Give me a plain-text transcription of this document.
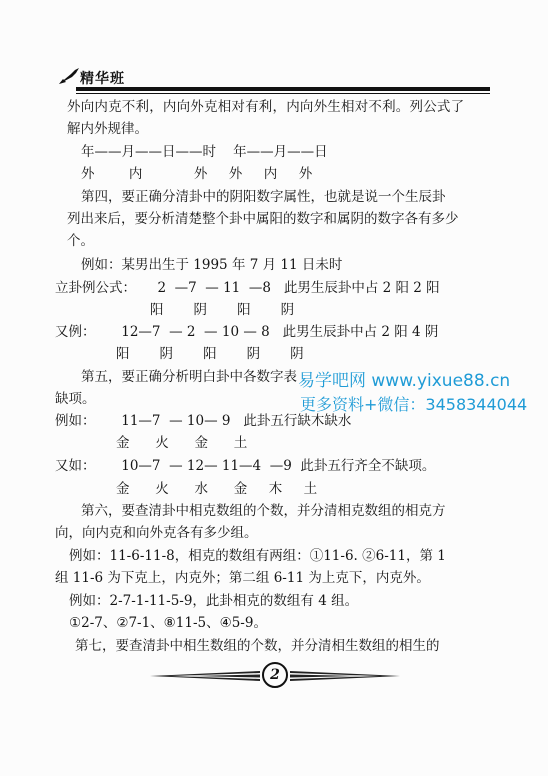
精华班
外向内克不利，内向外克相对有利，内向外生相对不利。列公式了
解内外规律。
年——月——日——时    年——月——日
外        内            外     外     内     外
第四，要正确分清卦中的阴阳数字属性，也就是说一个生辰卦
列出来后，要分析清楚整个卦中属阳的数字和属阴的数字各有多少
个。
例如：某男出生于 1995 年 7 月 11 日未时
立卦例公式：     2  —7  — 11  —8   此男生辰卦中占 2 阳 2 阳
阳       阴       阳       阴
又例：      12—7  — 2  — 10 — 8   此男生辰卦中占 2 阳 4 阴
阳       阴       阳       阴       阴
第五，要正确分析明白卦中各数字表
缺项。
例如：      11—7  — 10— 9   此卦五行缺木缺水
金      火      金      土
又如：      10—7  — 12— 11—4  —9  此卦五行齐全不缺项。
金      火      水      金     木     土
第六，要查清卦中相克数组的个数，并分清相克数组的相克方
向，向内克和向外克各有多少组。
例如：11-6-11-8，相克的数组有两组：①11-6. ②6-11，第 1
组 11-6 为下克上，内克外；第二组 6-11 为上克下，内克外。
例如：2-7-1-11-5-9，此卦相克的数组有 4 组。
①2-7、②7-1、⑧11-5、④5-9。
第七，要查清卦中相生数组的个数，并分清相生数组的相生的
易学吧网 www.yixue88.cn
更多资料+微信：3458344044
2
